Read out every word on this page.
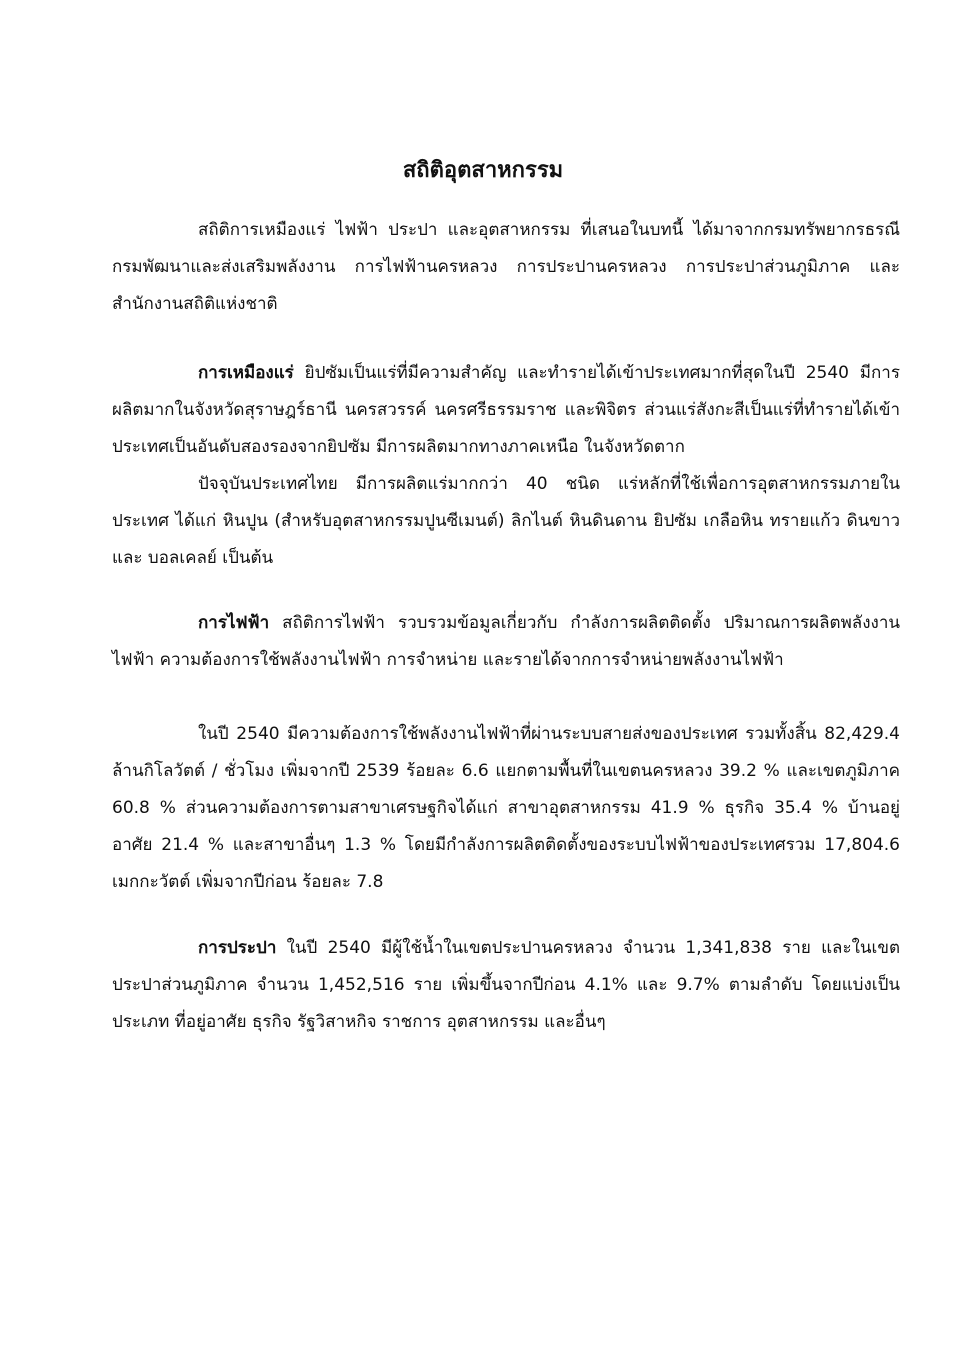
สถิติอุตสาหกรรม

สถิติการเหมืองแร่ ไฟฟ้า ประปา และอุตสาหกรรม ที่เสนอในบทนี้ ได้มาจากกรมทรัพยากรธรณี กรมพัฒนาและส่งเสริมพลังงาน การไฟฟ้านครหลวง การประปานครหลวง การประปาส่วนภูมิภาค และสำนักงานสถิติแห่งชาติ

การเหมืองแร่ ยิปซัมเป็นแร่ที่มีความสำคัญ และทำรายได้เข้าประเทศมากที่สุดในปี 2540 มีการผลิตมากในจังหวัดสุราษฎร์ธานี นครสวรรค์ นครศรีธรรมราช และพิจิตร ส่วนแร่สังกะสีเป็นแร่ที่ทำรายได้เข้าประเทศเป็นอันดับสองรองจากยิปซัม มีการผลิตมากทางภาคเหนือ ในจังหวัดตาก

ปัจจุบันประเทศไทย มีการผลิตแร่มากกว่า 40 ชนิด แร่หลักที่ใช้เพื่อการอุตสาหกรรมภายในประเทศ ได้แก่ หินปูน (สำหรับอุตสาหกรรมปูนซีเมนต์) ลิกไนต์ หินดินดาน ยิปซัม เกลือหิน ทรายแก้ว ดินขาว และ บอลเคลย์ เป็นต้น

การไฟฟ้า สถิติการไฟฟ้า รวบรวมข้อมูลเกี่ยวกับ กำลังการผลิตติดตั้ง ปริมาณการผลิตพลังงานไฟฟ้า ความต้องการใช้พลังงานไฟฟ้า การจำหน่าย และรายได้จากการจำหน่ายพลังงานไฟฟ้า

ในปี 2540 มีความต้องการใช้พลังงานไฟฟ้าที่ผ่านระบบสายส่งของประเทศ รวมทั้งสิ้น 82,429.4 ล้านกิโลวัตต์ / ชั่วโมง เพิ่มจากปี 2539 ร้อยละ 6.6 แยกตามพื้นที่ในเขตนครหลวง 39.2 % และเขตภูมิภาค 60.8 % ส่วนความต้องการตามสาขาเศรษฐกิจได้แก่ สาขาอุตสาหกรรม 41.9 % ธุรกิจ 35.4 % บ้านอยู่อาศัย 21.4 % และสาขาอื่นๆ 1.3 % โดยมีกำลังการผลิตติดตั้งของระบบไฟฟ้าของประเทศรวม 17,804.6 เมกกะวัตต์ เพิ่มจากปีก่อน ร้อยละ 7.8

การประปา ในปี 2540 มีผู้ใช้น้ำในเขตประปานครหลวง จำนวน 1,341,838 ราย และในเขตประปาส่วนภูมิภาค จำนวน 1,452,516 ราย เพิ่มขึ้นจากปีก่อน 4.1% และ 9.7% ตามลำดับ โดยแบ่งเป็นประเภท ที่อยู่อาศัย ธุรกิจ รัฐวิสาหกิจ ราชการ อุตสาหกรรม และอื่นๆ
